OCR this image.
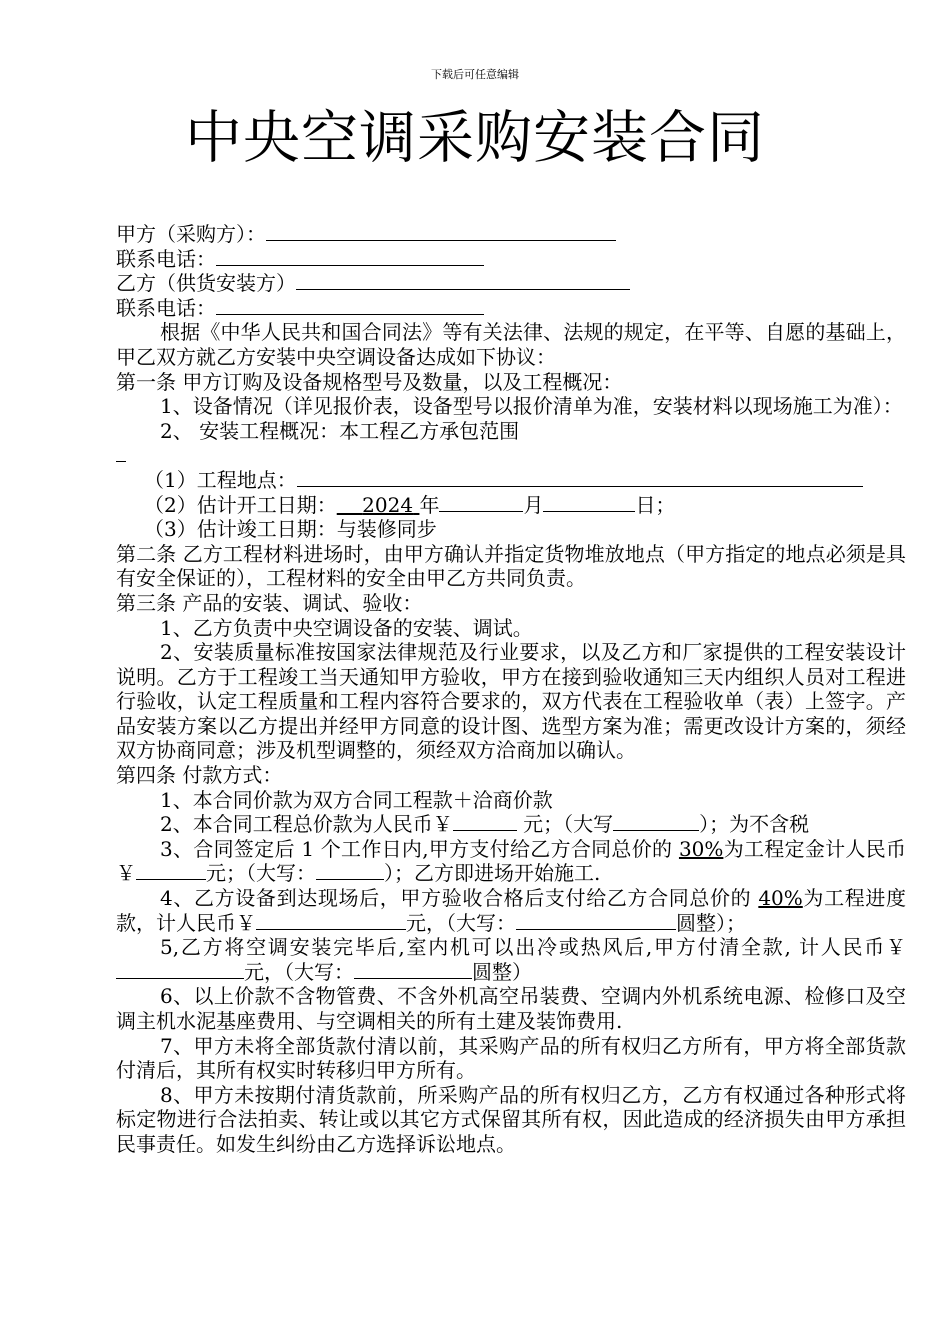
下载后可任意编辑
中央空调采购安装合同

甲方（采购方）：

联系电话：

乙方（供货安装方）

联系电话：

根据《中华人民共和国合同法》等有关法律、法规的规定，在平等、自愿的基础上，甲乙双方就乙方安装中央空调设备达成如下协议：

第一条 甲方订购及设备规格型号及数量，以及工程概况：

1、设备情况（详见报价表，设备型号以报价清单为准，安装材料以现场施工为准）：

2、 安装工程概况：本工程乙方承包范围

（1）工程地点：

（2）估计开工日期： 2024 年	月	日；

（3）估计竣工日期：与装修同步

第二条 乙方工程材料进场时，由甲方确认并指定货物堆放地点（甲方指定的地点必须是具有安全保证的），工程材料的安全由甲乙方共同负责。

第三条 产品的安装、调试、验收：

1、乙方负责中央空调设备的安装、调试。

2、安装质量标准按国家法律规范及行业要求，以及乙方和厂家提供的工程安装设计说明。乙方于工程竣工当天通知甲方验收，甲方在接到验收通知三天内组织人员对工程进行验收，认定工程质量和工程内容符合要求的，双方代表在工程验收单（表）上签字。产品安装方案以乙方提出并经甲方同意的设计图、选型方案为准；需更改设计方案的，须经双方协商同意；涉及机型调整的，须经双方洽商加以确认。

第四条 付款方式：

1、本合同价款为双方合同工程款＋洽商价款

2、本合同工程总价款为人民币￥	元；（大写	）；为不含税

3、合同签定后 1 个工作日内,甲方支付给乙方合同总价的 30%为工程定金计人民币￥	元；（大写：	）；乙方即进场开始施工.

4、乙方设备到达现场后，甲方验收合格后支付给乙方合同总价的 40%为工程进度款，计人民币￥	元，（大写：	圆整）；

5,乙方将空调安装完毕后,室内机可以出冷或热风后,甲方付清全款, 计人民币￥元，（大写：	圆整）

6、以上价款不含物管费、不含外机高空吊装费、空调内外机系统电源、检修口及空调主机水泥基座费用、与空调相关的所有土建及装饰费用.

7、甲方未将全部货款付清以前，其采购产品的所有权归乙方所有，甲方将全部货款付清后，其所有权实时转移归甲方所有。

8、甲方未按期付清货款前，所采购产品的所有权归乙方，乙方有权通过各种形式将标定物进行合法拍卖、转让或以其它方式保留其所有权，因此造成的经济损失由甲方承担民事责任。如发生纠纷由乙方选择诉讼地点。
